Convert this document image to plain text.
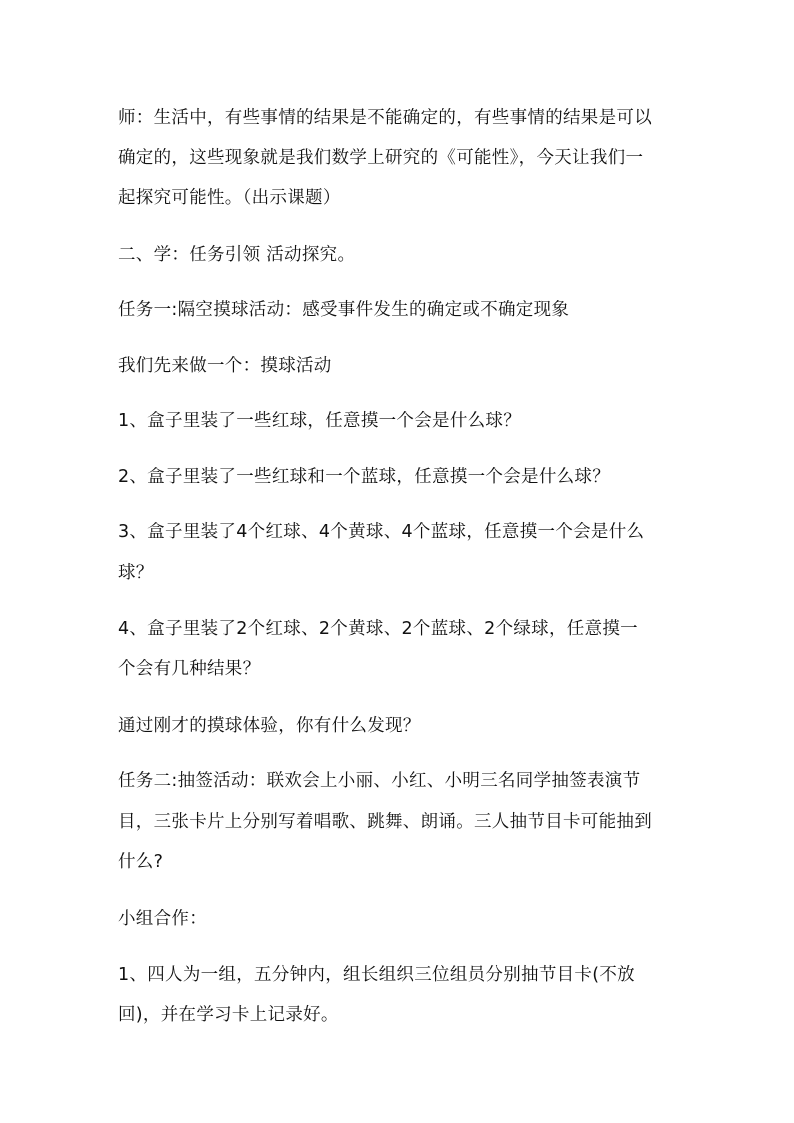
师：生活中，有些事情的结果是不能确定的，有些事情的结果是可以
确定的，这些现象就是我们数学上研究的《可能性》，今天让我们一
起探究可能性。（出示课题）
二、学：任务引领 活动探究。
任务一:隔空摸球活动：感受事件发生的确定或不确定现象
我们先来做一个：摸球活动
1、盒子里装了一些红球，任意摸一个会是什么球？
2、盒子里装了一些红球和一个蓝球，任意摸一个会是什么球？
3、盒子里装了4个红球、4个黄球、4个蓝球，任意摸一个会是什么
球？
4、盒子里装了2个红球、2个黄球、2个蓝球、2个绿球，任意摸一
个会有几种结果？
通过刚才的摸球体验，你有什么发现？
任务二:抽签活动：联欢会上小丽、小红、小明三名同学抽签表演节
目，三张卡片上分别写着唱歌、跳舞、朗诵。三人抽节目卡可能抽到
什么?
小组合作：
1、四人为一组，五分钟内，组长组织三位组员分别抽节目卡(不放
回)，并在学习卡上记录好。
